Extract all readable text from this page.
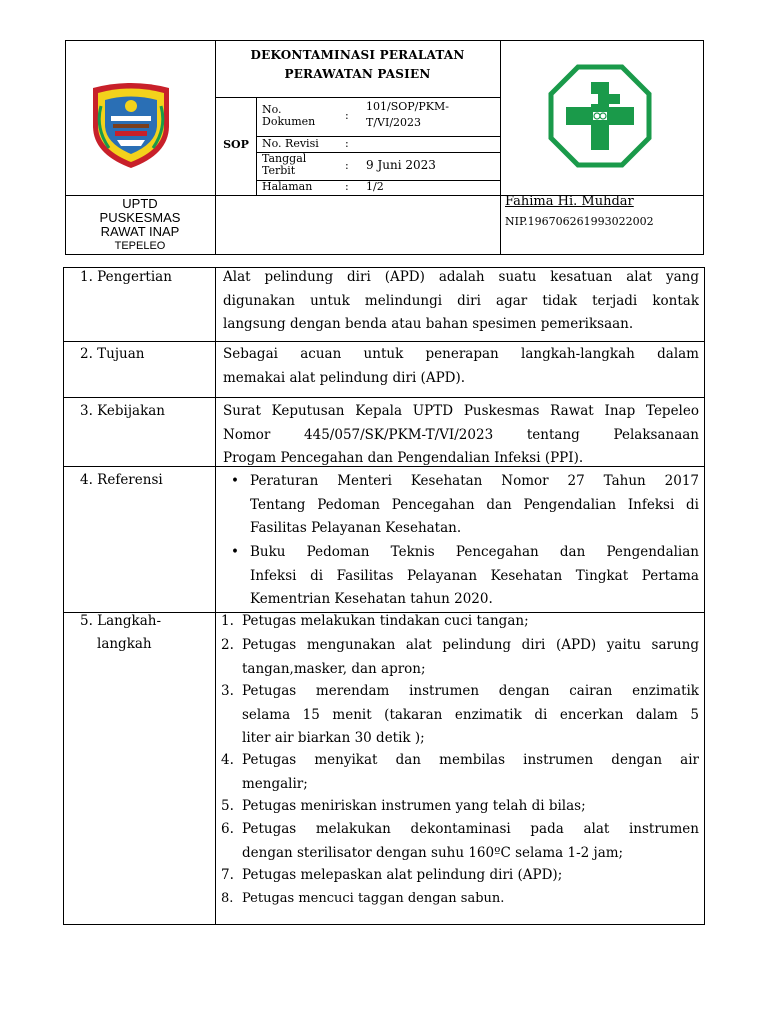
DEKONTAMINASI PERALATAN
PERAWATAN PASIEN
SOP
No.
Dokumen	:
101/SOP/PKM-
T/VI/2023
No. Revisi :
Tanggal
Terbit	: 9 Juni 2023
Halaman	: 1/2
UPTD
PUSKESMAS
RAWAT INAP
TEPELEO
Fahima Hi. Muhdar
NIP.196706261993022002
1. Pengertian	Alat pelindung diri (APD) adalah suatu kesatuan alat yang
digunakan untuk melindungi diri agar tidak terjadi kontak
langsung dengan benda atau bahan spesimen pemeriksaan.
2. Tujuan	Sebagai acuan untuk penerapan langkah-langkah dalam
memakai alat pelindung diri (APD).
3. Kebijakan	Surat Keputusan Kepala UPTD Puskesmas Rawat Inap Tepeleo
Nomor 445/057/SK/PKM-T/VI/2023 tentang Pelaksanaan
Progam Pencegahan dan Pengendalian Infeksi (PPI).
4. Referensi	• Peraturan Menteri Kesehatan Nomor 27 Tahun 2017
Tentang Pedoman Pencegahan dan Pengendalian Infeksi di
Fasilitas Pelayanan Kesehatan.
• Buku Pedoman Teknis Pencegahan dan Pengendalian
Infeksi di Fasilitas Pelayanan Kesehatan Tingkat Pertama
Kementrian Kesehatan tahun 2020.
5. Langkah-
langkah
1. Petugas melakukan tindakan cuci tangan;
2. Petugas mengunakan alat pelindung diri (APD) yaitu sarung
tangan,masker, dan apron;
3. Petugas merendam instrumen dengan cairan enzimatik
selama 15 menit (takaran enzimatik di encerkan dalam 5
liter air biarkan 30 detik );
4. Petugas menyikat dan membilas instrumen dengan air
mengalir;
5. Petugas meniriskan instrumen yang telah di bilas;
6. Petugas melakukan dekontaminasi pada alat instrumen
dengan sterilisator dengan suhu 160ºC selama 1-2 jam;
7. Petugas melepaskan alat pelindung diri (APD);
8. Petugas mencuci taggan dengan sabun.
